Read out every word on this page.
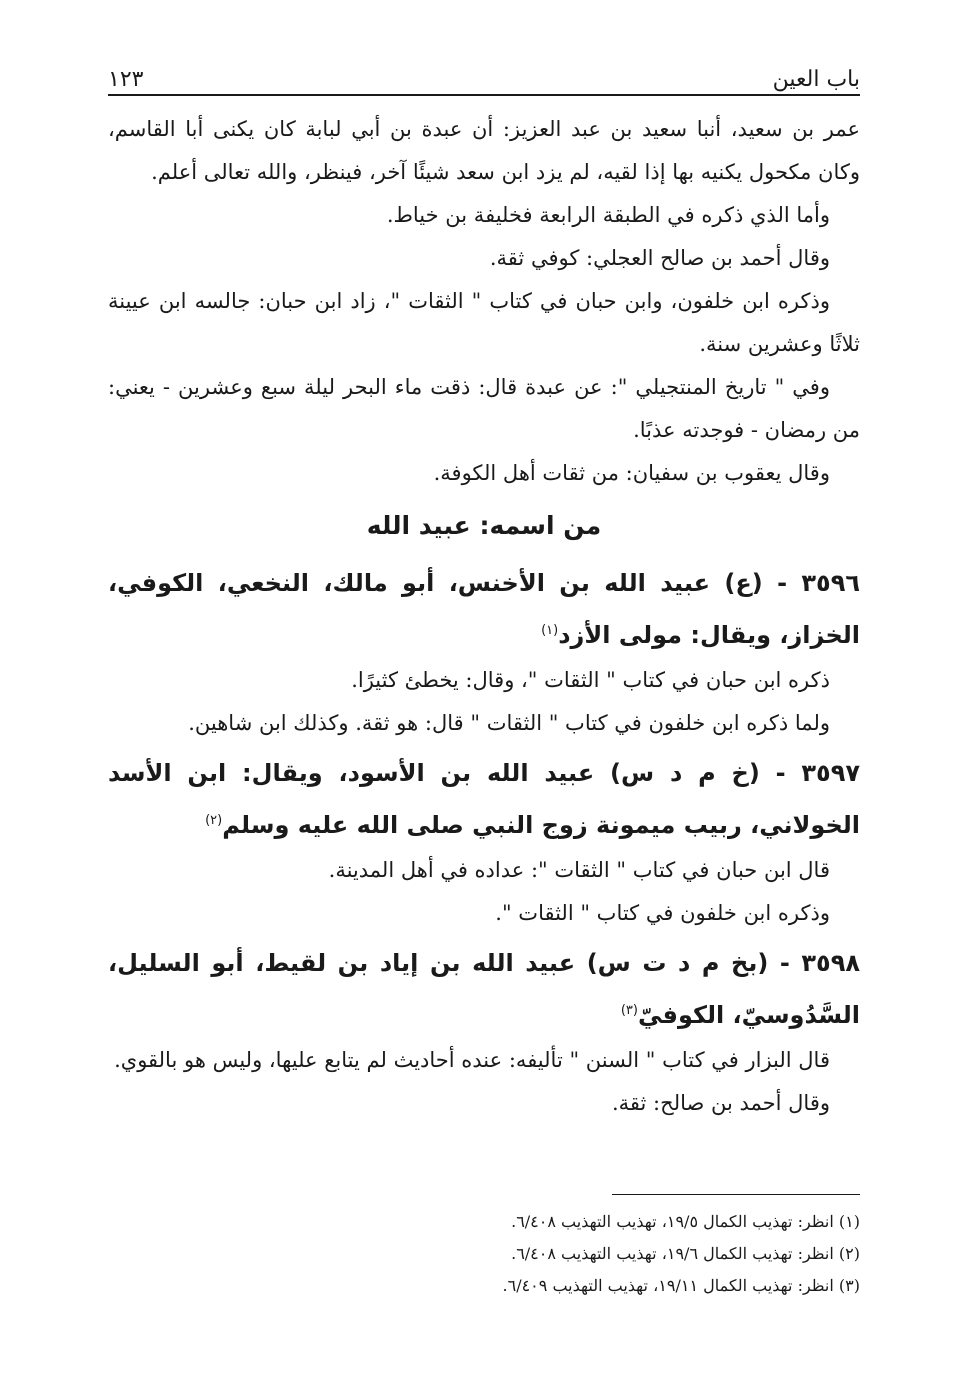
باب العين
١٢٣

عمر بن سعيد، أنبا سعيد بن عبد العزيز: أن عبدة بن أبي لبابة كان يكنى أبا القاسم، وكان مكحول يكنيه بها إذا لقيه، لم يزد ابن سعد شيئًا آخر، فينظر، والله تعالى أعلم.

وأما الذي ذكره في الطبقة الرابعة فخليفة بن خياط.

وقال أحمد بن صالح العجلي: كوفي ثقة.

وذكره ابن خلفون، وابن حبان في كتاب " الثقات "، زاد ابن حبان: جالسه ابن عيينة ثلاثًا وعشرين سنة.

وفي " تاريخ المنتجيلي ": عن عبدة قال: ذقت ماء البحر ليلة سبع وعشرين - يعني: من رمضان - فوجدته عذبًا.

وقال يعقوب بن سفيان: من ثقات أهل الكوفة.

من اسمه: عبيد الله

٣٥٩٦ - (ع) عبيد الله بن الأخنس، أبو مالك، النخعي، الكوفي، الخزاز، ويقال: مولى الأزد$^{(١)}$

ذكره ابن حبان في كتاب " الثقات "، وقال: يخطئ كثيرًا.

ولما ذكره ابن خلفون في كتاب " الثقات " قال: هو ثقة. وكذلك ابن شاهين.

٣٥٩٧ - (خ م د س) عبيد الله بن الأسود، ويقال: ابن الأسد الخولاني، ربيب ميمونة زوج النبي صلى الله عليه وسلم$^{(٢)}$

قال ابن حبان في كتاب " الثقات ": عداده في أهل المدينة.

وذكره ابن خلفون في كتاب " الثقات ".

٣٥٩٨ - (بخ م د ت س) عبيد الله بن إياد بن لقيط، أبو السليل، السَّدُوسيّ، الكوفيّ$^{(٣)}$

قال البزار في كتاب " السنن " تأليفه: عنده أحاديث لم يتابع عليها، وليس هو بالقوي.

وقال أحمد بن صالح: ثقة.

(١) انظر: تهذيب الكمال ١٩/٥، تهذيب التهذيب ٦/٤٠٨.

(٢) انظر: تهذيب الكمال ١٩/٦، تهذيب التهذيب ٦/٤٠٨.

(٣) انظر: تهذيب الكمال ١٩/١١، تهذيب التهذيب ٦/٤٠٩.
